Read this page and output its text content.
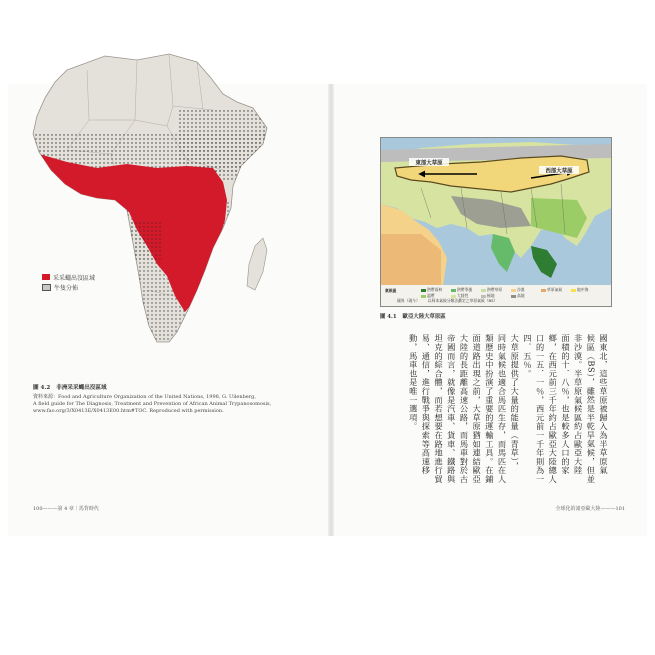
采采蠅出沒區域
牛隻分佈
圖 4.2 非洲采采蠅出沒區域
資料來源：Food and Agriculture Organization of the United Nations, 1998, G. Uilenberg,
A field guide for The Diagnosis, Treatment and Prevention of African Animal Trypanosomosis,
www.fao.org/3/X0413E/X0413E00.htm#TOC. Reproduced with permission.
100———第 4 章｜馬背時代
東部大草原
西部大草原
氣候區	熱帶雨林	熱帶季風	熱帶草原	沙漠	草原氣候	地中海
溫帶	大陸性	極地	高地
國界（現今） 以柯本氣候分類法劃定之草原氣候（BS）
圖 4.1 歐亞大陸大草原區
國東北，這些草原被歸入為半草原氣
候區（BS），雖然是半乾旱氣候，但並
非沙漠。半草原氣候區約占歐亞大陸
面積的十．八％，也是較多人口的家
鄉，在西元前三千年約占歐亞大陸總人
口的一五．一％，西元前一千年則為一
四．五％。
大草原提供了大量的能量（青草），
同時氣候也適合馬匹生存，而馬匹在人
類歷史中扮演了重要的運輸工具。在鋪
面道路出現之前，大草原猶如連結歐亞
大陸的長距離高速公路，而馬車對於古
帝國而言，就像是汽車、貨車、鐵路與
坦克的綜合體，而若想要在路地進行貿
易、通信，進行戰爭與探索等高速移
動，馬車也是唯一選項。
全球化的諸亞歐大陸———101
